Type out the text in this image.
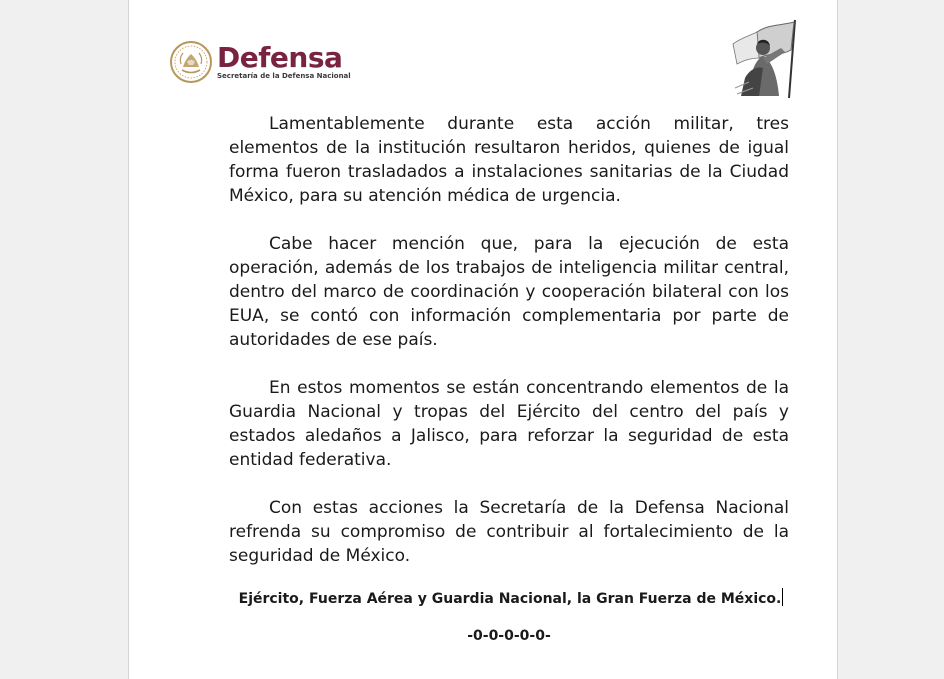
Defensa
Secretaría de la Defensa Nacional

Lamentablemente durante esta acción militar, tres elementos de la institución resultaron heridos, quienes de igual forma fueron trasladados a instalaciones sanitarias de la Ciudad México, para su atención médica de urgencia.

Cabe hacer mención que, para la ejecución de esta operación, además de los trabajos de inteligencia militar central, dentro del marco de coordinación y cooperación bilateral con los EUA, se contó con información complementaria por parte de autoridades de ese país.

En estos momentos se están concentrando elementos de la Guardia Nacional y tropas del Ejército del centro del país y estados aledaños a Jalisco, para reforzar la seguridad de esta entidad federativa.

Con estas acciones la Secretaría de la Defensa Nacional refrenda su compromiso de contribuir al fortalecimiento de la seguridad de México.

Ejército, Fuerza Aérea y Guardia Nacional, la Gran Fuerza de México.
-0-0-0-0-0-
